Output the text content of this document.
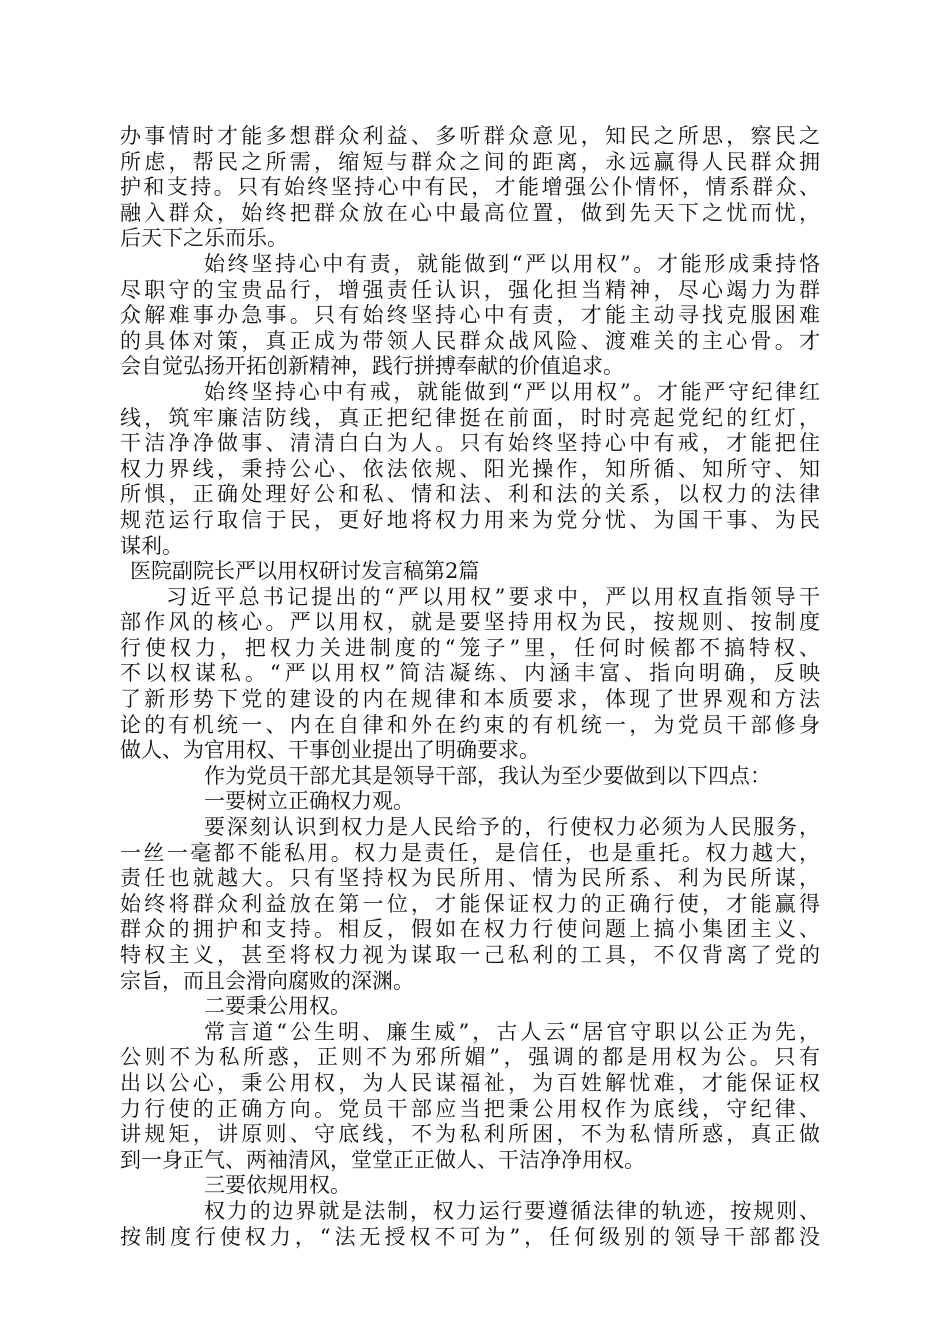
办事情时才能多想群众利益、多听群众意见，知民之所思，察民之
所虑，帮民之所需，缩短与群众之间的距离，永远赢得人民群众拥
护和支持。只有始终坚持心中有民，才能增强公仆情怀，情系群众、
融入群众，始终把群众放在心中最高位置，做到先天下之忧而忧，
后天下之乐而乐。
始终坚持心中有责，就能做到“严以用权”。才能形成秉持恪
尽职守的宝贵品行，增强责任认识，强化担当精神，尽心竭力为群
众解难事办急事。只有始终坚持心中有责，才能主动寻找克服困难
的具体对策，真正成为带领人民群众战风险、渡难关的主心骨。才
会自觉弘扬开拓创新精神，践行拼搏奉献的价值追求。
始终坚持心中有戒，就能做到“严以用权”。才能严守纪律红
线，筑牢廉洁防线，真正把纪律挺在前面，时时亮起党纪的红灯，
干洁净净做事、清清白白为人。只有始终坚持心中有戒，才能把住
权力界线，秉持公心、依法依规、阳光操作，知所循、知所守、知
所惧，正确处理好公和私、情和法、利和法的关系，以权力的法律
规范运行取信于民，更好地将权力用来为党分忧、为国干事、为民
谋利。
医院副院长严以用权研讨发言稿第2篇
习近平总书记提出的“严以用权”要求中，严以用权直指领导干
部作风的核心。严以用权，就是要坚持用权为民，按规则、按制度
行使权力，把权力关进制度的“笼子”里，任何时候都不搞特权、
不以权谋私。“严以用权”简洁凝练、内涵丰富、指向明确，反映
了新形势下党的建设的内在规律和本质要求，体现了世界观和方法
论的有机统一、内在自律和外在约束的有机统一，为党员干部修身
做人、为官用权、干事创业提出了明确要求。
作为党员干部尤其是领导干部，我认为至少要做到以下四点：
一要树立正确权力观。
要深刻认识到权力是人民给予的，行使权力必须为人民服务，
一丝一毫都不能私用。权力是责任，是信任，也是重托。权力越大，
责任也就越大。只有坚持权为民所用、情为民所系、利为民所谋，
始终将群众利益放在第一位，才能保证权力的正确行使，才能赢得
群众的拥护和支持。相反，假如在权力行使问题上搞小集团主义、
特权主义，甚至将权力视为谋取一己私利的工具，不仅背离了党的
宗旨，而且会滑向腐败的深渊。
二要秉公用权。
常言道“公生明、廉生威”，古人云“居官守职以公正为先，
公则不为私所惑，正则不为邪所媚”，强调的都是用权为公。只有
出以公心，秉公用权，为人民谋福祉，为百姓解忧难，才能保证权
力行使的正确方向。党员干部应当把秉公用权作为底线，守纪律、
讲规矩，讲原则、守底线，不为私利所困，不为私情所惑，真正做
到一身正气、两袖清风，堂堂正正做人、干洁净净用权。
三要依规用权。
权力的边界就是法制，权力运行要遵循法律的轨迹，按规则、
按制度行使权力，“法无授权不可为”，任何级别的领导干部都没
